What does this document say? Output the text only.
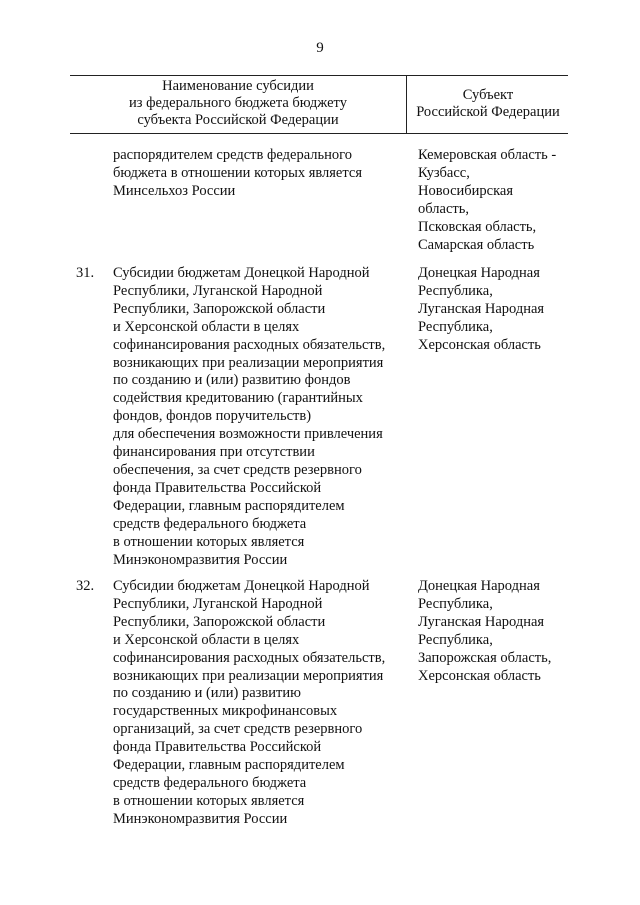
9
Наименование субсидии
из федерального бюджета бюджету
субъекта Российской Федерации
Субъект
Российской Федерации
распорядителем средств федерального
бюджета в отношении которых является
Минсельхоз России
Кемеровская область -
Кузбасс,
Новосибирская
область,
Псковская область,
Самарская область
31. Субсидии бюджетам Донецкой Народной
Республики, Луганской Народной
Республики, Запорожской области
и Херсонской области в целях
софинансирования расходных обязательств,
возникающих при реализации мероприятия
по созданию и (или) развитию фондов
содействия кредитованию (гарантийных
фондов, фондов поручительств)
для обеспечения возможности привлечения
финансирования при отсутствии
обеспечения, за счет средств резервного
фонда Правительства Российской
Федерации, главным распорядителем
средств федерального бюджета
в отношении которых является
Минэкономразвития России
Донецкая Народная
Республика,
Луганская Народная
Республика,
Херсонская область
32. Субсидии бюджетам Донецкой Народной
Республики, Луганской Народной
Республики, Запорожской области
и Херсонской области в целях
софинансирования расходных обязательств,
возникающих при реализации мероприятия
по созданию и (или) развитию
государственных микрофинансовых
организаций, за счет средств резервного
фонда Правительства Российской
Федерации, главным распорядителем
средств федерального бюджета
в отношении которых является
Минэкономразвития России
Донецкая Народная
Республика,
Луганская Народная
Республика,
Запорожская область,
Херсонская область
